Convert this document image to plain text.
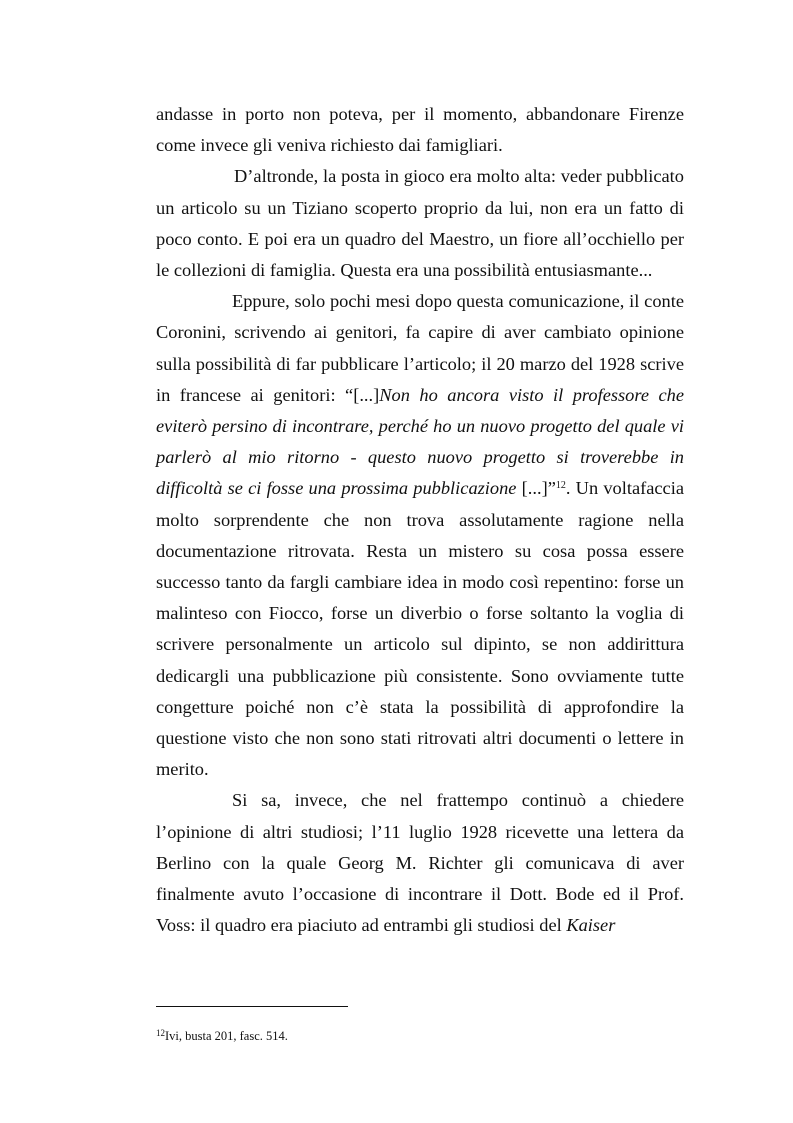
andasse in porto non poteva, per il momento, abbandonare Firenze come invece gli veniva richiesto dai famigliari.

D’altronde, la posta in gioco era molto alta: veder pubblicato un articolo su un Tiziano scoperto proprio da lui, non era un fatto di poco conto. E poi era un quadro del Maestro, un fiore all’occhiello per le collezioni di famiglia. Questa era una possibilità entusiasmante...

Eppure, solo pochi mesi dopo questa comunicazione, il conte Coronini, scrivendo ai genitori, fa capire di aver cambiato opinione sulla possibilità di far pubblicare l’articolo; il 20 marzo del 1928 scrive in francese ai genitori: “[...]Non ho ancora visto il professore che eviterò persino di incontrare, perché ho un nuovo progetto del quale vi parlerò al mio ritorno - questo nuovo progetto si troverebbe in difficoltà se ci fosse una prossima pubblicazione [...]”$^{12}$. Un voltafaccia molto sorprendente che non trova assolutamente ragione nella documentazione ritrovata. Resta un mistero su cosa possa essere successo tanto da fargli cambiare idea in modo così repentino: forse un malinteso con Fiocco, forse un diverbio o forse soltanto la voglia di scrivere personalmente un articolo sul dipinto, se non addirittura dedicargli una pubblicazione più consistente. Sono ovviamente tutte congetture poiché non c’è stata la possibilità di approfondire la questione visto che non sono stati ritrovati altri documenti o lettere in merito.

Si sa, invece, che nel frattempo continuò a chiedere l’opinione di altri studiosi; l’11 luglio 1928 ricevette una lettera da Berlino con la quale Georg M. Richter gli comunicava di aver finalmente avuto l’occasione di incontrare il Dott. Bode ed il Prof. Voss: il quadro era piaciuto ad entrambi gli studiosi del Kaiser

$^{12}$Ivi, busta 201, fasc. 514.
